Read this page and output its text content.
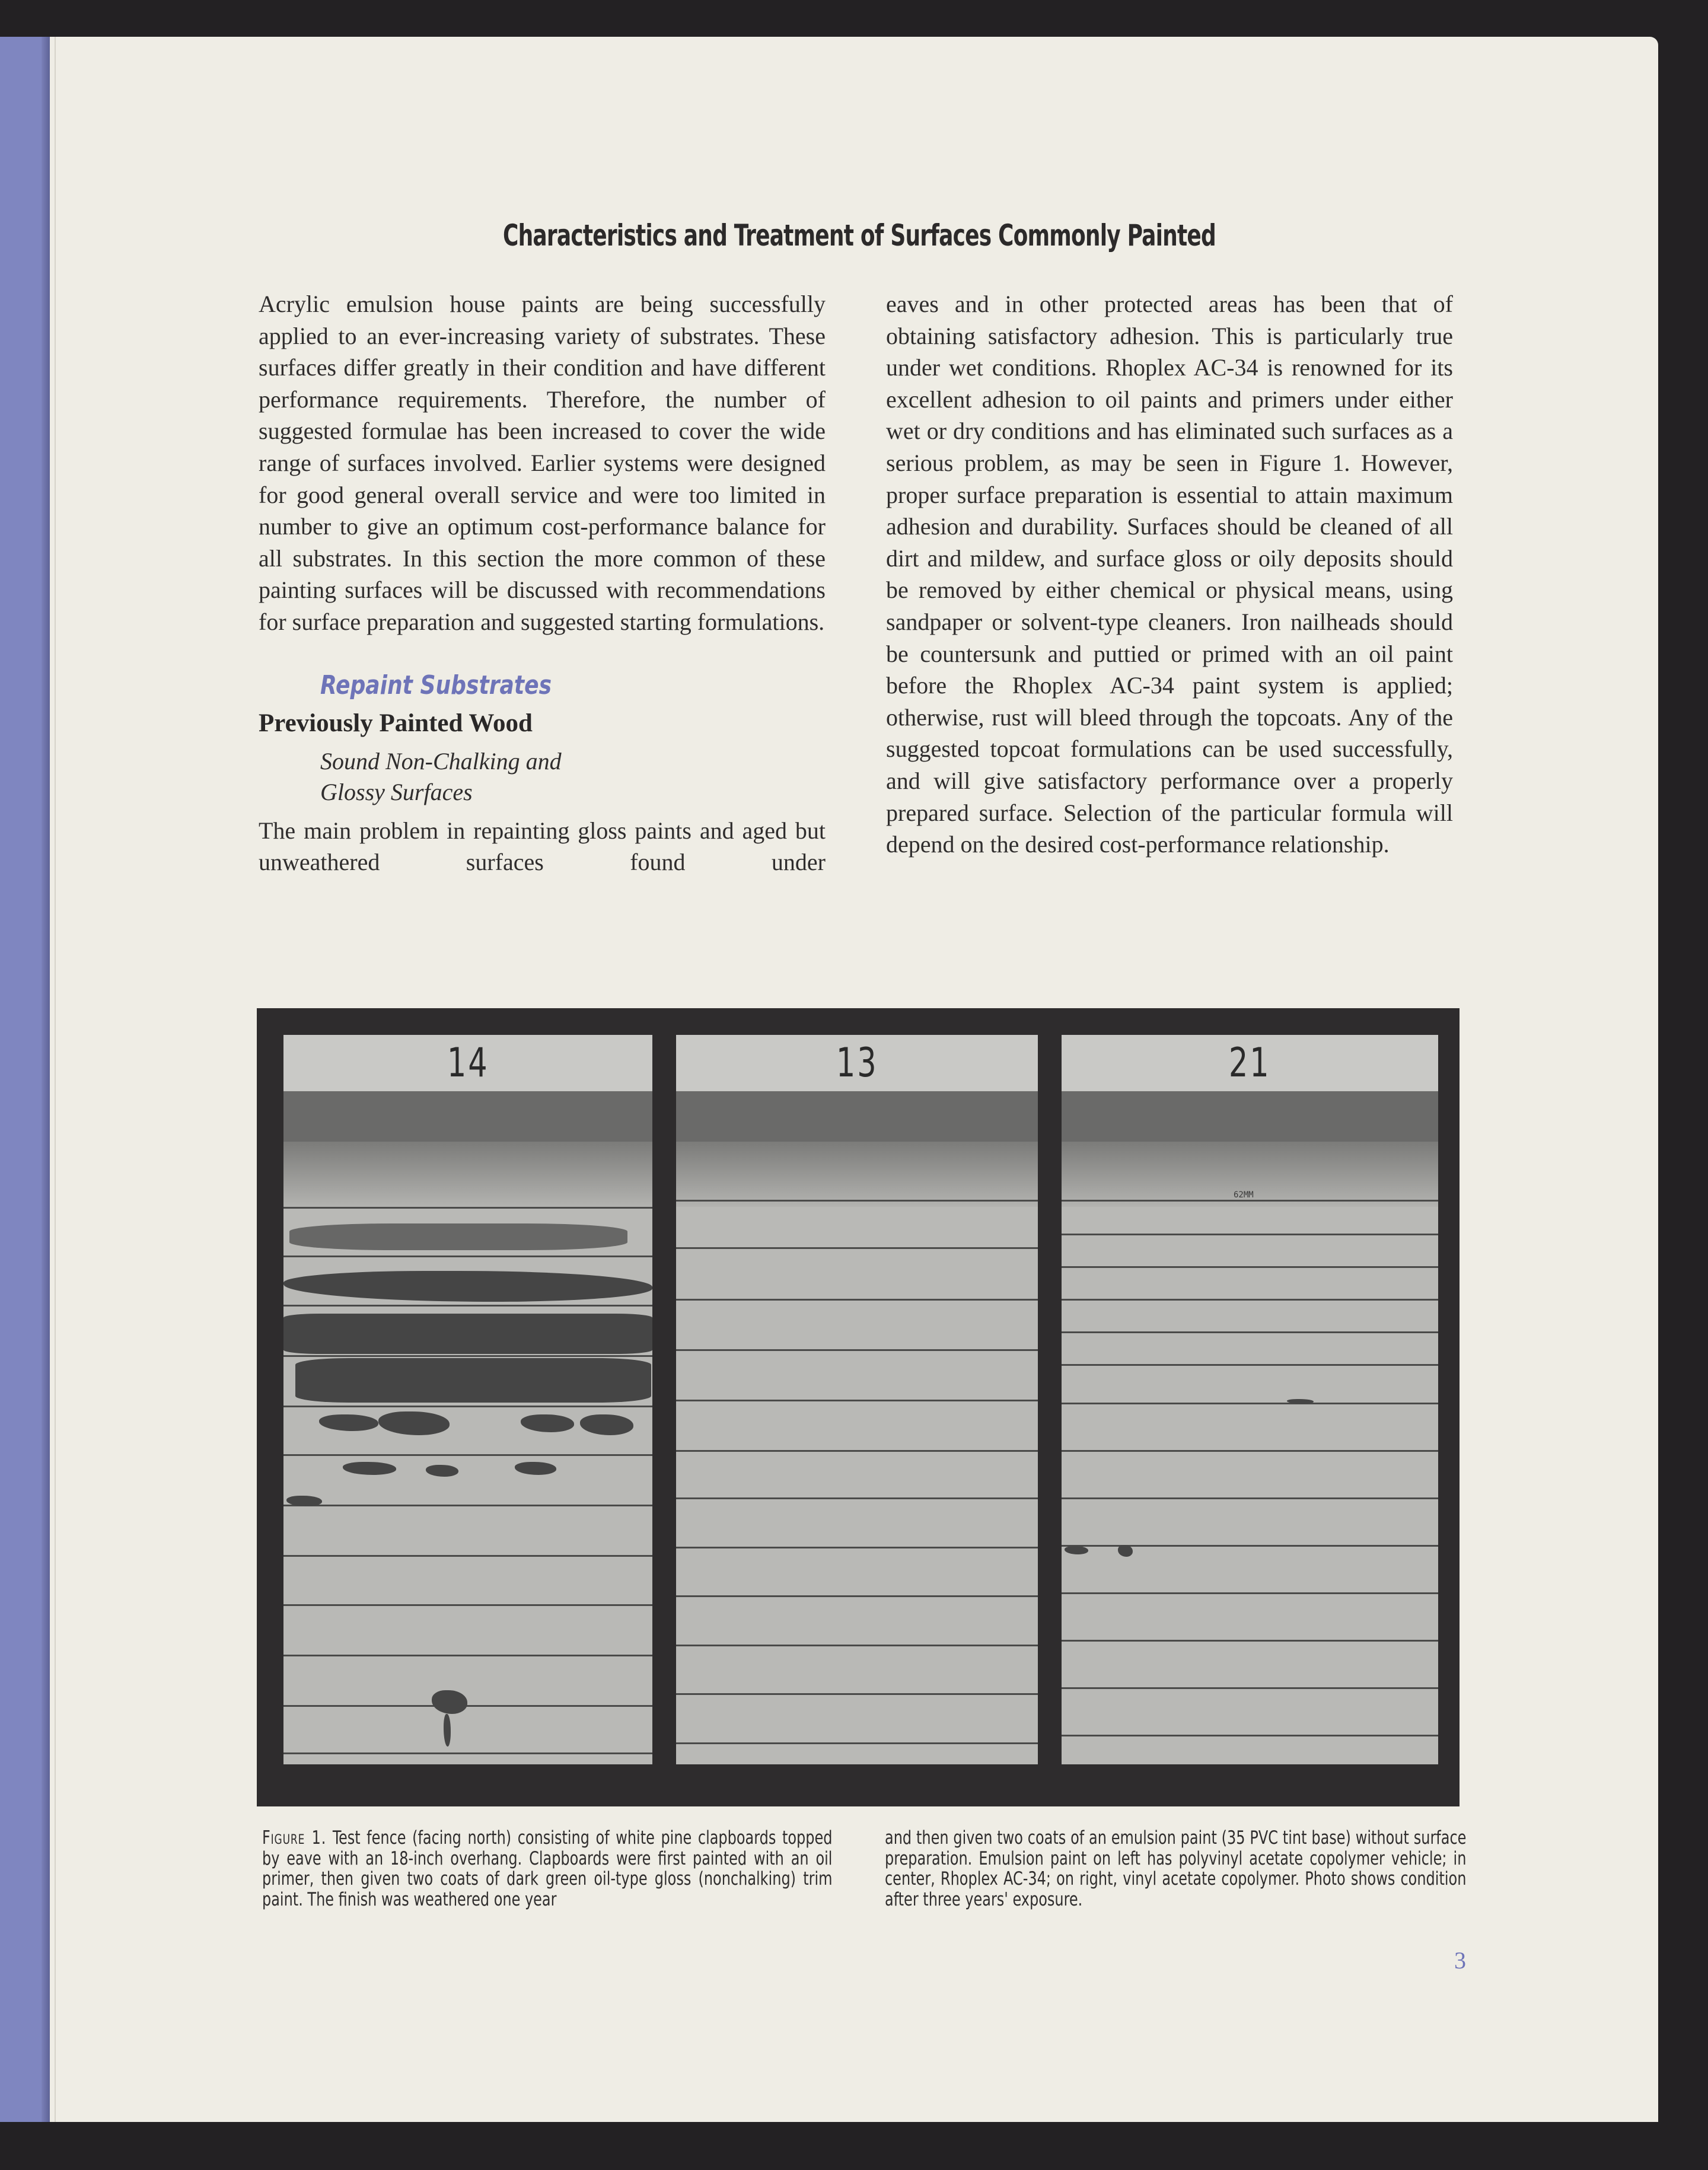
Characteristics and Treatment of Surfaces Commonly Painted

Acrylic emulsion house paints are being successfully applied to an ever-increasing variety of substrates. These surfaces differ greatly in their condition and have different performance requirements. Therefore, the number of suggested formulae has been increased to cover the wide range of surfaces involved. Earlier systems were designed for good general overall service and were too limited in number to give an optimum cost-performance balance for all substrates. In this section the more common of these painting surfaces will be discussed with recommendations for surface preparation and suggested starting formulations.

Repaint Substrates
Previously Painted Wood
Sound Non-Chalking and
Glossy Surfaces

The main problem in repainting gloss paints and aged but unweathered surfaces found under

eaves and in other protected areas has been that of obtaining satisfactory adhesion. This is particularly true under wet conditions. Rhoplex AC-34 is renowned for its excellent adhesion to oil paints and primers under either wet or dry conditions and has eliminated such surfaces as a serious problem, as may be seen in Figure 1. However, proper surface preparation is essential to attain maximum adhesion and durability. Surfaces should be cleaned of all dirt and mildew, and surface gloss or oily deposits should be removed by either chemical or physical means, using sandpaper or solvent-type cleaners. Iron nailheads should be countersunk and puttied or primed with an oil paint before the Rhoplex AC-34 paint system is applied; otherwise, rust will bleed through the topcoats. Any of the suggested topcoat formulations can be used successfully, and will give satisfactory performance over a properly prepared surface. Selection of the particular formula will depend on the desired cost-performance relationship.

14	13	21
62MM
Figure 1. Test fence (facing north) consisting of white pine clapboards topped by eave with an 18-inch overhang. Clapboards were first painted with an oil primer, then given two coats of dark green oil-type gloss (nonchalking) trim paint. The finish was weathered one year
and then given two coats of an emulsion paint (35 PVC tint base) without surface preparation. Emulsion paint on left has polyvinyl acetate copolymer vehicle; in center, Rhoplex AC-34; on right, vinyl acetate copolymer. Photo shows condition after three years' exposure.
3
